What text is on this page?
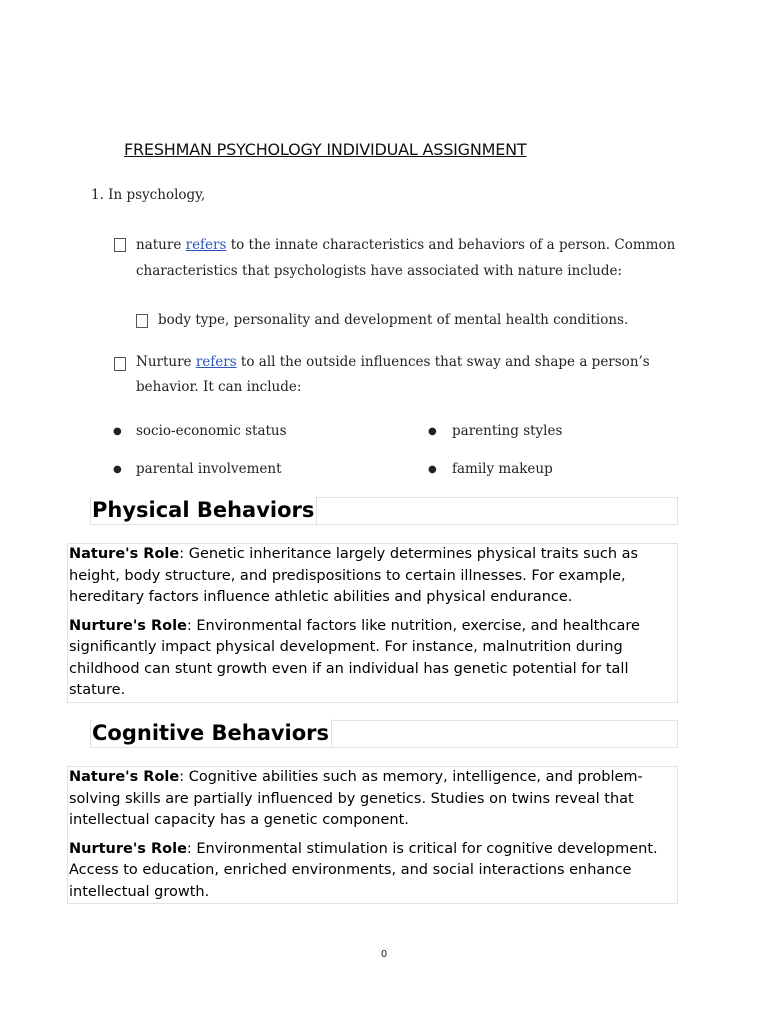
FRESHMAN PSYCHOLOGY INDIVIDUAL ASSIGNMENT
1. In psychology,
nature refers to the innate characteristics and behaviors of a person. Common characteristics that psychologists have associated with nature include:
body type, personality and development of mental health conditions.
Nurture refers to all the outside influences that sway and shape a person’s behavior. It can include:
● socio-economic status	● parenting styles
● parental involvement	● family makeup
Physical Behaviors

Nature's Role: Genetic inheritance largely determines physical traits such as height, body structure, and predispositions to certain illnesses. For example, hereditary factors influence athletic abilities and physical endurance.

Nurture's Role: Environmental factors like nutrition, exercise, and healthcare significantly impact physical development. For instance, malnutrition during childhood can stunt growth even if an individual has genetic potential for tall stature.

Cognitive Behaviors

Nature's Role: Cognitive abilities such as memory, intelligence, and problem-solving skills are partially influenced by genetics. Studies on twins reveal that intellectual capacity has a genetic component.

Nurture's Role: Environmental stimulation is critical for cognitive development. Access to education, enriched environments, and social interactions enhance intellectual growth.

0
